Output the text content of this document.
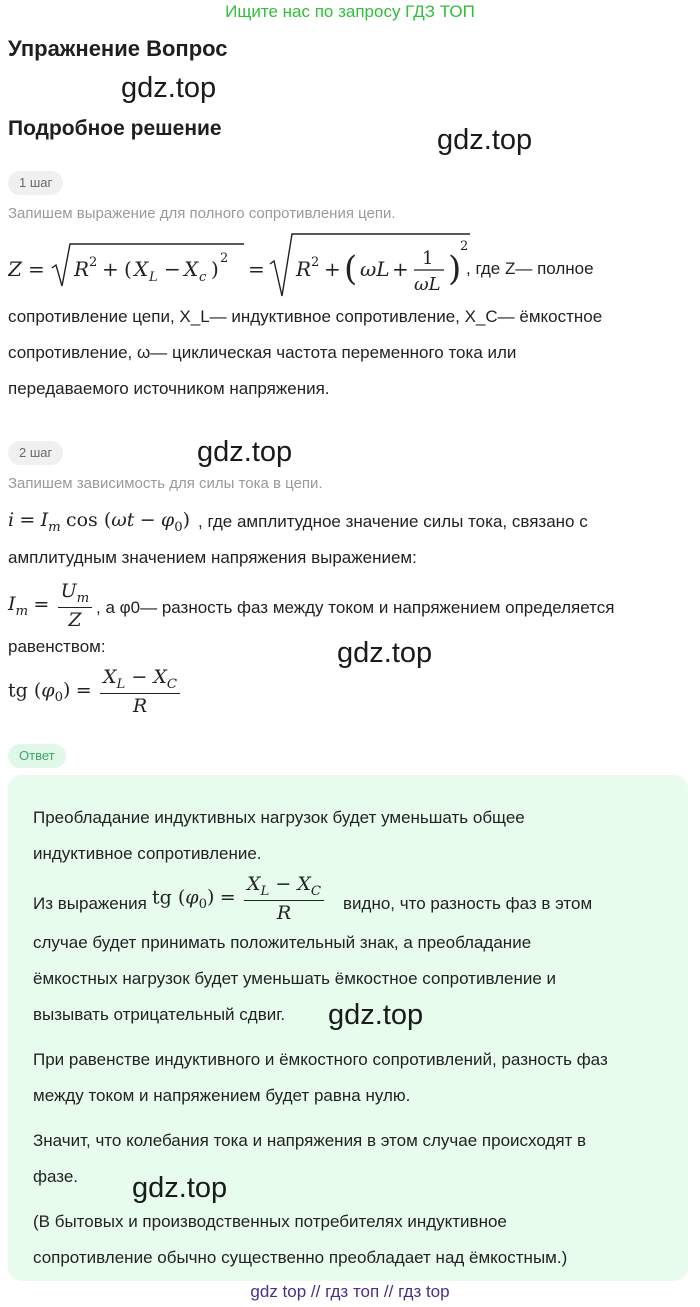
Ищите нас по запросу ГДЗ ТОП
Упражнение Вопрос
gdz.top
Подробное решение	gdz.top
1 шаг
Запишем выражение для полного сопротивления цепи.
Z = R 2 + ( X L − X c ) 2 = R 2 + ( ωL + 1
ωL )
2
, где Z— полное
сопротивление цепи, X_L— индуктивное сопротивление, X_C— ёмкостное
сопротивление, ω— циклическая частота переменного тока или
передаваемого источником напряжения.
2 шаг	gdz.top
Запишем зависимость для силы тока в цепи.
$i = I_m$ $\cos (\omega t - \varphi_0)$ , где амплитудное значение силы тока, связано с
амплитудным значением напряжения выражением:
$I_m = \frac{U_m}{Z}$ , а φ0— разность фаз между током и напряжением определяется
равенством:	gdz.top
tg $(\varphi_0) = \frac{X_L - X_C}{R}$
Ответ
Преобладание индуктивных нагрузок будет уменьшать общее
индуктивное сопротивление.
Из выражения tg $(\varphi_0) = \frac{X_L - X_C}{R}$ видно, что разность фаз в этом
случае будет принимать положительный знак, а преобладание
ёмкостных нагрузок будет уменьшать ёмкостное сопротивление и
вызывать отрицательный сдвиг. gdz.top
При равенстве индуктивного и ёмкостного сопротивлений, разность фаз
между током и напряжением будет равна нулю.
Значит, что колебания тока и напряжения в этом случае происходят в
фазе. gdz.top
(В бытовых и производственных потребителях индуктивное
сопротивление обычно существенно преобладает над ёмкостным.)
gdz top // гдз топ // гдз top
